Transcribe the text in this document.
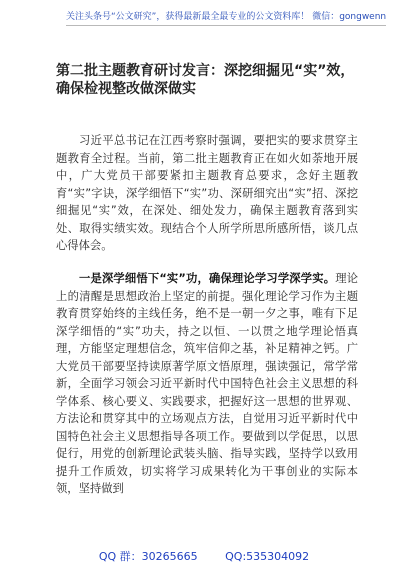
关注头条号“公文研究”，获得最新最全最专业的公文资料库！ 微信：gongwenn
第二批主题教育研讨发言：深挖细掘见“实”效，确保检视整改做深做实
习近平总书记在江西考察时强调，要把实的要求贯穿主题教育全过程。当前，第二批主题教育正在如火如荼地开展中，广大党员干部要紧扣主题教育总要求，念好主题教育“实”字诀，深学细悟下“实”功、深研细究出“实”招、深挖细掘见“实”效，在深处、细处发力，确保主题教育落到实处、取得实绩实效。现结合个人所学所思所感所悟，谈几点心得体会。
一是深学细悟下“实”功，确保理论学习学深学实。理论上的清醒是思想政治上坚定的前提。强化理论学习作为主题教育贯穿始终的主线任务，绝不是一朝一夕之事，唯有下足深学细悟的“实”功夫，持之以恒、一以贯之地学理论悟真理，方能坚定理想信念，筑牢信仰之基，补足精神之钙。广大党员干部要坚持读原著学原文悟原理，强读强记，常学常新，全面学习领会习近平新时代中国特色社会主义思想的科学体系、核心要义、实践要求，把握好这一思想的世界观、方法论和贯穿其中的立场观点方法，自觉用习近平新时代中国特色社会主义思想指导各项工作。要做到以学促思，以思促行，用党的创新理论武装头脑、指导实践，坚持学以致用提升工作质效，切实将学习成果转化为干事创业的实际本领，坚持做到
QQ 群：30265665	QQ:535304092
